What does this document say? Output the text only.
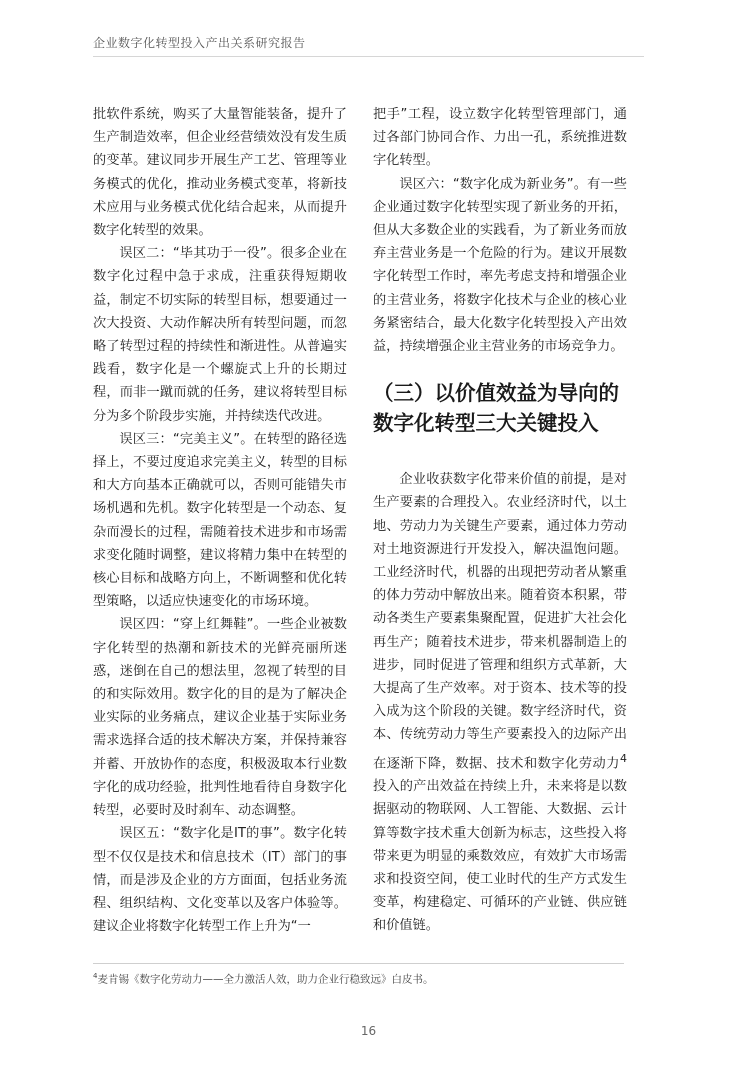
企业数字化转型投入产出关系研究报告

批软件系统，购买了大量智能装备，提升了生产制造效率，但企业经营绩效没有发生质的变革。建议同步开展生产工艺、管理等业务模式的优化，推动业务模式变革，将新技术应用与业务模式优化结合起来，从而提升数字化转型的效果。

误区二：“毕其功于一役”。很多企业在数字化过程中急于求成，注重获得短期收益，制定不切实际的转型目标，想要通过一次大投资、大动作解决所有转型问题，而忽略了转型过程的持续性和渐进性。从普遍实践看，数字化是一个螺旋式上升的长期过程，而非一蹴而就的任务，建议将转型目标分为多个阶段步实施，并持续迭代改进。

误区三：“完美主义”。在转型的路径选择上，不要过度追求完美主义，转型的目标和大方向基本正确就可以，否则可能错失市场机遇和先机。数字化转型是一个动态、复杂而漫长的过程，需随着技术进步和市场需求变化随时调整，建议将精力集中在转型的核心目标和战略方向上，不断调整和优化转型策略，以适应快速变化的市场环境。

误区四：“穿上红舞鞋”。一些企业被数字化转型的热潮和新技术的光鲜亮丽所迷惑，迷倒在自己的想法里，忽视了转型的目的和实际效用。数字化的目的是为了解决企业实际的业务痛点，建议企业基于实际业务需求选择合适的技术解决方案，并保持兼容并蓄、开放协作的态度，积极汲取本行业数字化的成功经验，批判性地看待自身数字化转型，必要时及时刹车、动态调整。

误区五：“数字化是IT的事”。数字化转型不仅仅是技术和信息技术（IT）部门的事情，而是涉及企业的方方面面，包括业务流程、组织结构、文化变革以及客户体验等。建议企业将数字化转型工作上升为“一

把手”工程，设立数字化转型管理部门，通过各部门协同合作、力出一孔，系统推进数字化转型。

误区六：“数字化成为新业务”。有一些企业通过数字化转型实现了新业务的开拓，但从大多数企业的实践看，为了新业务而放弃主营业务是一个危险的行为。建议开展数字化转型工作时，率先考虑支持和增强企业的主营业务，将数字化技术与企业的核心业务紧密结合，最大化数字化转型投入产出效益，持续增强企业主营业务的市场竞争力。

（三）以价值效益为导向的数字化转型三大关键投入

企业收获数字化带来价值的前提，是对生产要素的合理投入。农业经济时代，以土地、劳动力为关键生产要素，通过体力劳动对土地资源进行开发投入，解决温饱问题。工业经济时代，机器的出现把劳动者从繁重的体力劳动中解放出来。随着资本积累，带动各类生产要素集聚配置，促进扩大社会化再生产；随着技术进步，带来机器制造上的进步，同时促进了管理和组织方式革新，大大提高了生产效率。对于资本、技术等的投入成为这个阶段的关键。数字经济时代，资本、传统劳动力等生产要素投入的边际产出在逐渐下降，数据、技术和数字化劳动力$^4$投入的产出效益在持续上升，未来将是以数据驱动的物联网、人工智能、大数据、云计算等数字技术重大创新为标志，这些投入将带来更为明显的乘数效应，有效扩大市场需求和投资空间，使工业时代的生产方式发生变革，构建稳定、可循环的产业链、供应链和价值链。

$^4$麦肯锡《数字化劳动力——全力激活人效，助力企业行稳致远》白皮书。
16
